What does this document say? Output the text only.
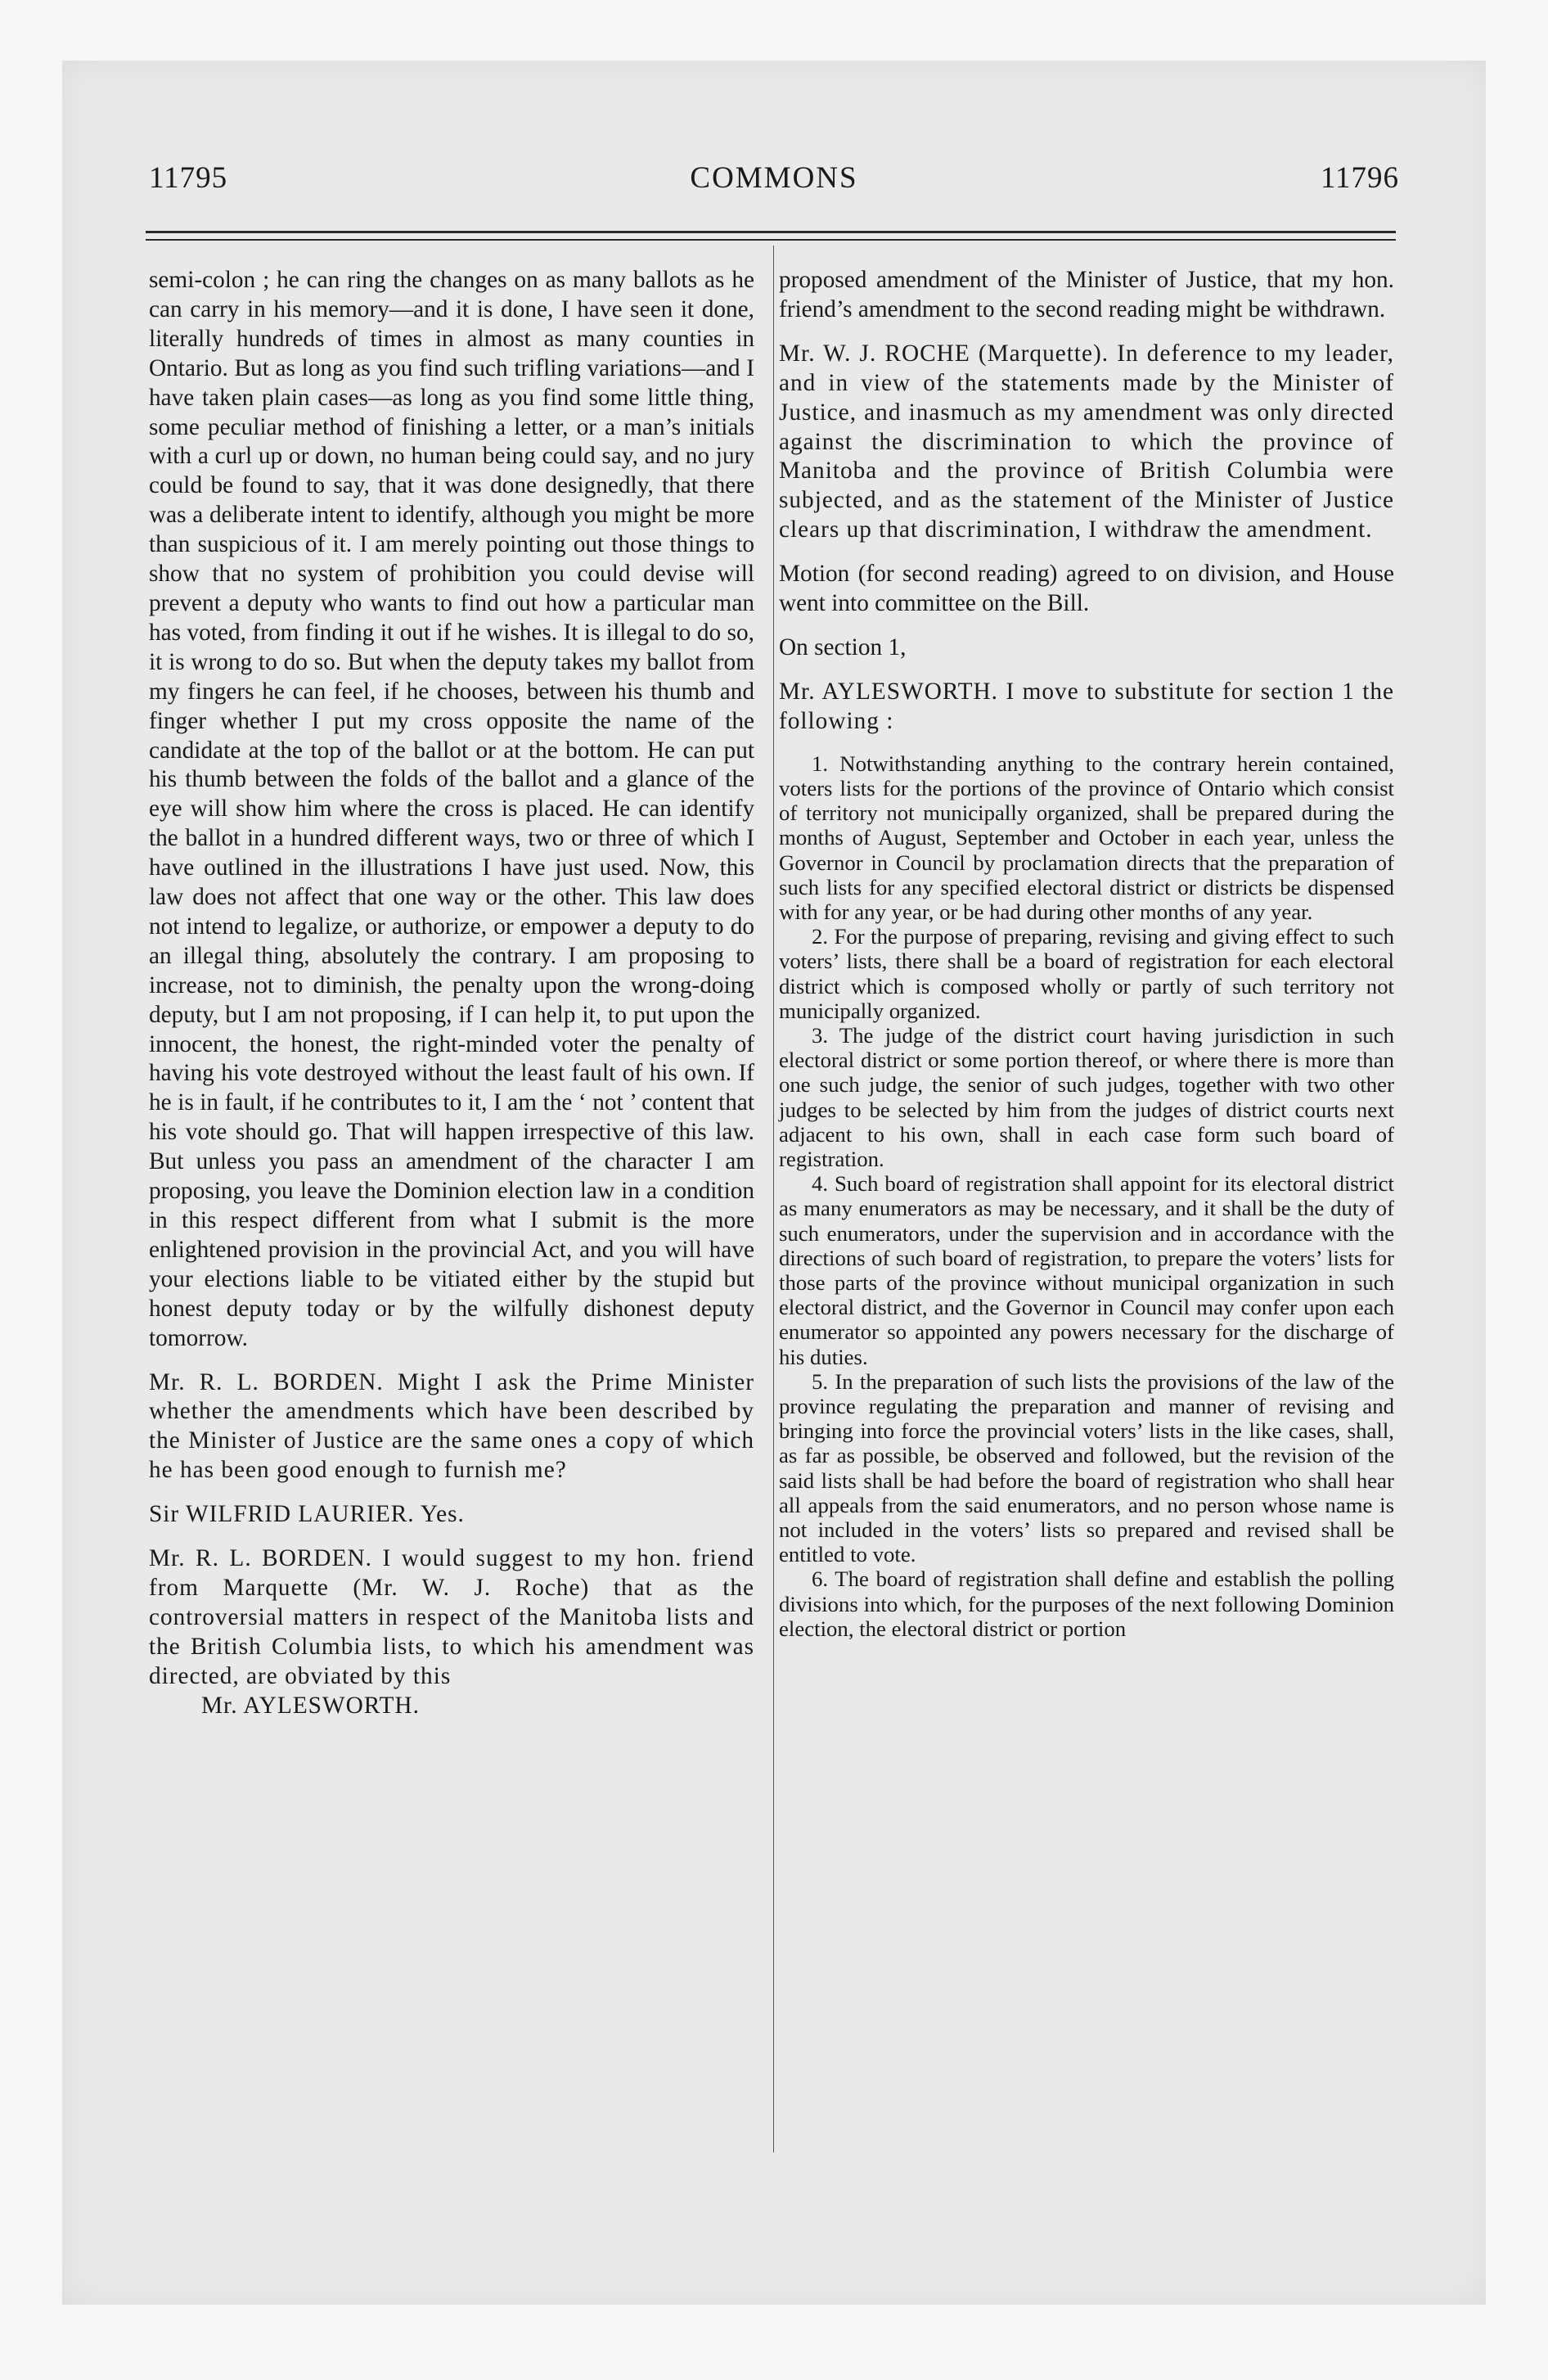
11795	COMMONS	11796

semi-colon ; he can ring the changes on as many ballots as he can carry in his memory—and it is done, I have seen it done, literally hundreds of times in almost as many counties in Ontario. But as long as you find such trifling variations—and I have taken plain cases—as long as you find some little thing, some peculiar method of finishing a letter, or a man’s initials with a curl up or down, no human being could say, and no jury could be found to say, that it was done designedly, that there was a deliberate intent to identify, although you might be more than suspicious of it. I am merely pointing out those things to show that no system of prohibition you could devise will prevent a deputy who wants to find out how a particular man has voted, from finding it out if he wishes. It is illegal to do so, it is wrong to do so. But when the deputy takes my ballot from my fingers he can feel, if he chooses, between his thumb and finger whether I put my cross opposite the name of the candidate at the top of the ballot or at the bottom. He can put his thumb between the folds of the ballot and a glance of the eye will show him where the cross is placed. He can identify the ballot in a hundred different ways, two or three of which I have outlined in the illustrations I have just used. Now, this law does not affect that one way or the other. This law does not intend to legalize, or authorize, or empower a deputy to do an illegal thing, absolutely the contrary. I am proposing to increase, not to diminish, the penalty upon the wrong-doing deputy, but I am not proposing, if I can help it, to put upon the innocent, the honest, the right-minded voter the penalty of having his vote destroyed without the least fault of his own. If he is in fault, if he contributes to it, I am the ‘ not ’ content that his vote should go. That will happen irrespective of this law. But unless you pass an amendment of the character I am proposing, you leave the Dominion election law in a condition in this respect different from what I submit is the more enlightened provision in the provincial Act, and you will have your elections liable to be vitiated either by the stupid but honest deputy today or by the wilfully dishonest deputy tomorrow.

Mr. R. L. BORDEN. Might I ask the Prime Minister whether the amendments which have been described by the Minister of Justice are the same ones a copy of which he has been good enough to furnish me?

Sir WILFRID LAURIER. Yes.

Mr. R. L. BORDEN. I would suggest to my hon. friend from Marquette (Mr. W. J. Roche) that as the controversial matters in respect of the Manitoba lists and the British Columbia lists, to which his amendment was directed, are obviated by this

Mr. AYLESWORTH.

proposed amendment of the Minister of Justice, that my hon. friend’s amendment to the second reading might be withdrawn.

Mr. W. J. ROCHE (Marquette). In deference to my leader, and in view of the statements made by the Minister of Justice, and inasmuch as my amendment was only directed against the discrimination to which the province of Manitoba and the province of British Columbia were subjected, and as the statement of the Minister of Justice clears up that discrimination, I withdraw the amendment.

Motion (for second reading) agreed to on division, and House went into committee on the Bill.

On section 1,

Mr. AYLESWORTH. I move to substitute for section 1 the following :

1. Notwithstanding anything to the contrary herein contained, voters lists for the portions of the province of Ontario which consist of territory not municipally organized, shall be prepared during the months of August, September and October in each year, unless the Governor in Council by proclamation directs that the preparation of such lists for any specified electoral district or districts be dispensed with for any year, or be had during other months of any year.

2. For the purpose of preparing, revising and giving effect to such voters’ lists, there shall be a board of registration for each electoral district which is composed wholly or partly of such territory not municipally organized.

3. The judge of the district court having jurisdiction in such electoral district or some portion thereof, or where there is more than one such judge, the senior of such judges, together with two other judges to be selected by him from the judges of district courts next adjacent to his own, shall in each case form such board of registration.

4. Such board of registration shall appoint for its electoral district as many enumerators as may be necessary, and it shall be the duty of such enumerators, under the supervision and in accordance with the directions of such board of registration, to prepare the voters’ lists for those parts of the province without municipal organization in such electoral district, and the Governor in Council may confer upon each enumerator so appointed any powers necessary for the discharge of his duties.

5. In the preparation of such lists the provisions of the law of the province regulating the preparation and manner of revising and bringing into force the provincial voters’ lists in the like cases, shall, as far as possible, be observed and followed, but the revision of the said lists shall be had before the board of registration who shall hear all appeals from the said enumerators, and no person whose name is not included in the voters’ lists so prepared and revised shall be entitled to vote.

6. The board of registration shall define and establish the polling divisions into which, for the purposes of the next following Dominion election, the electoral district or portion
